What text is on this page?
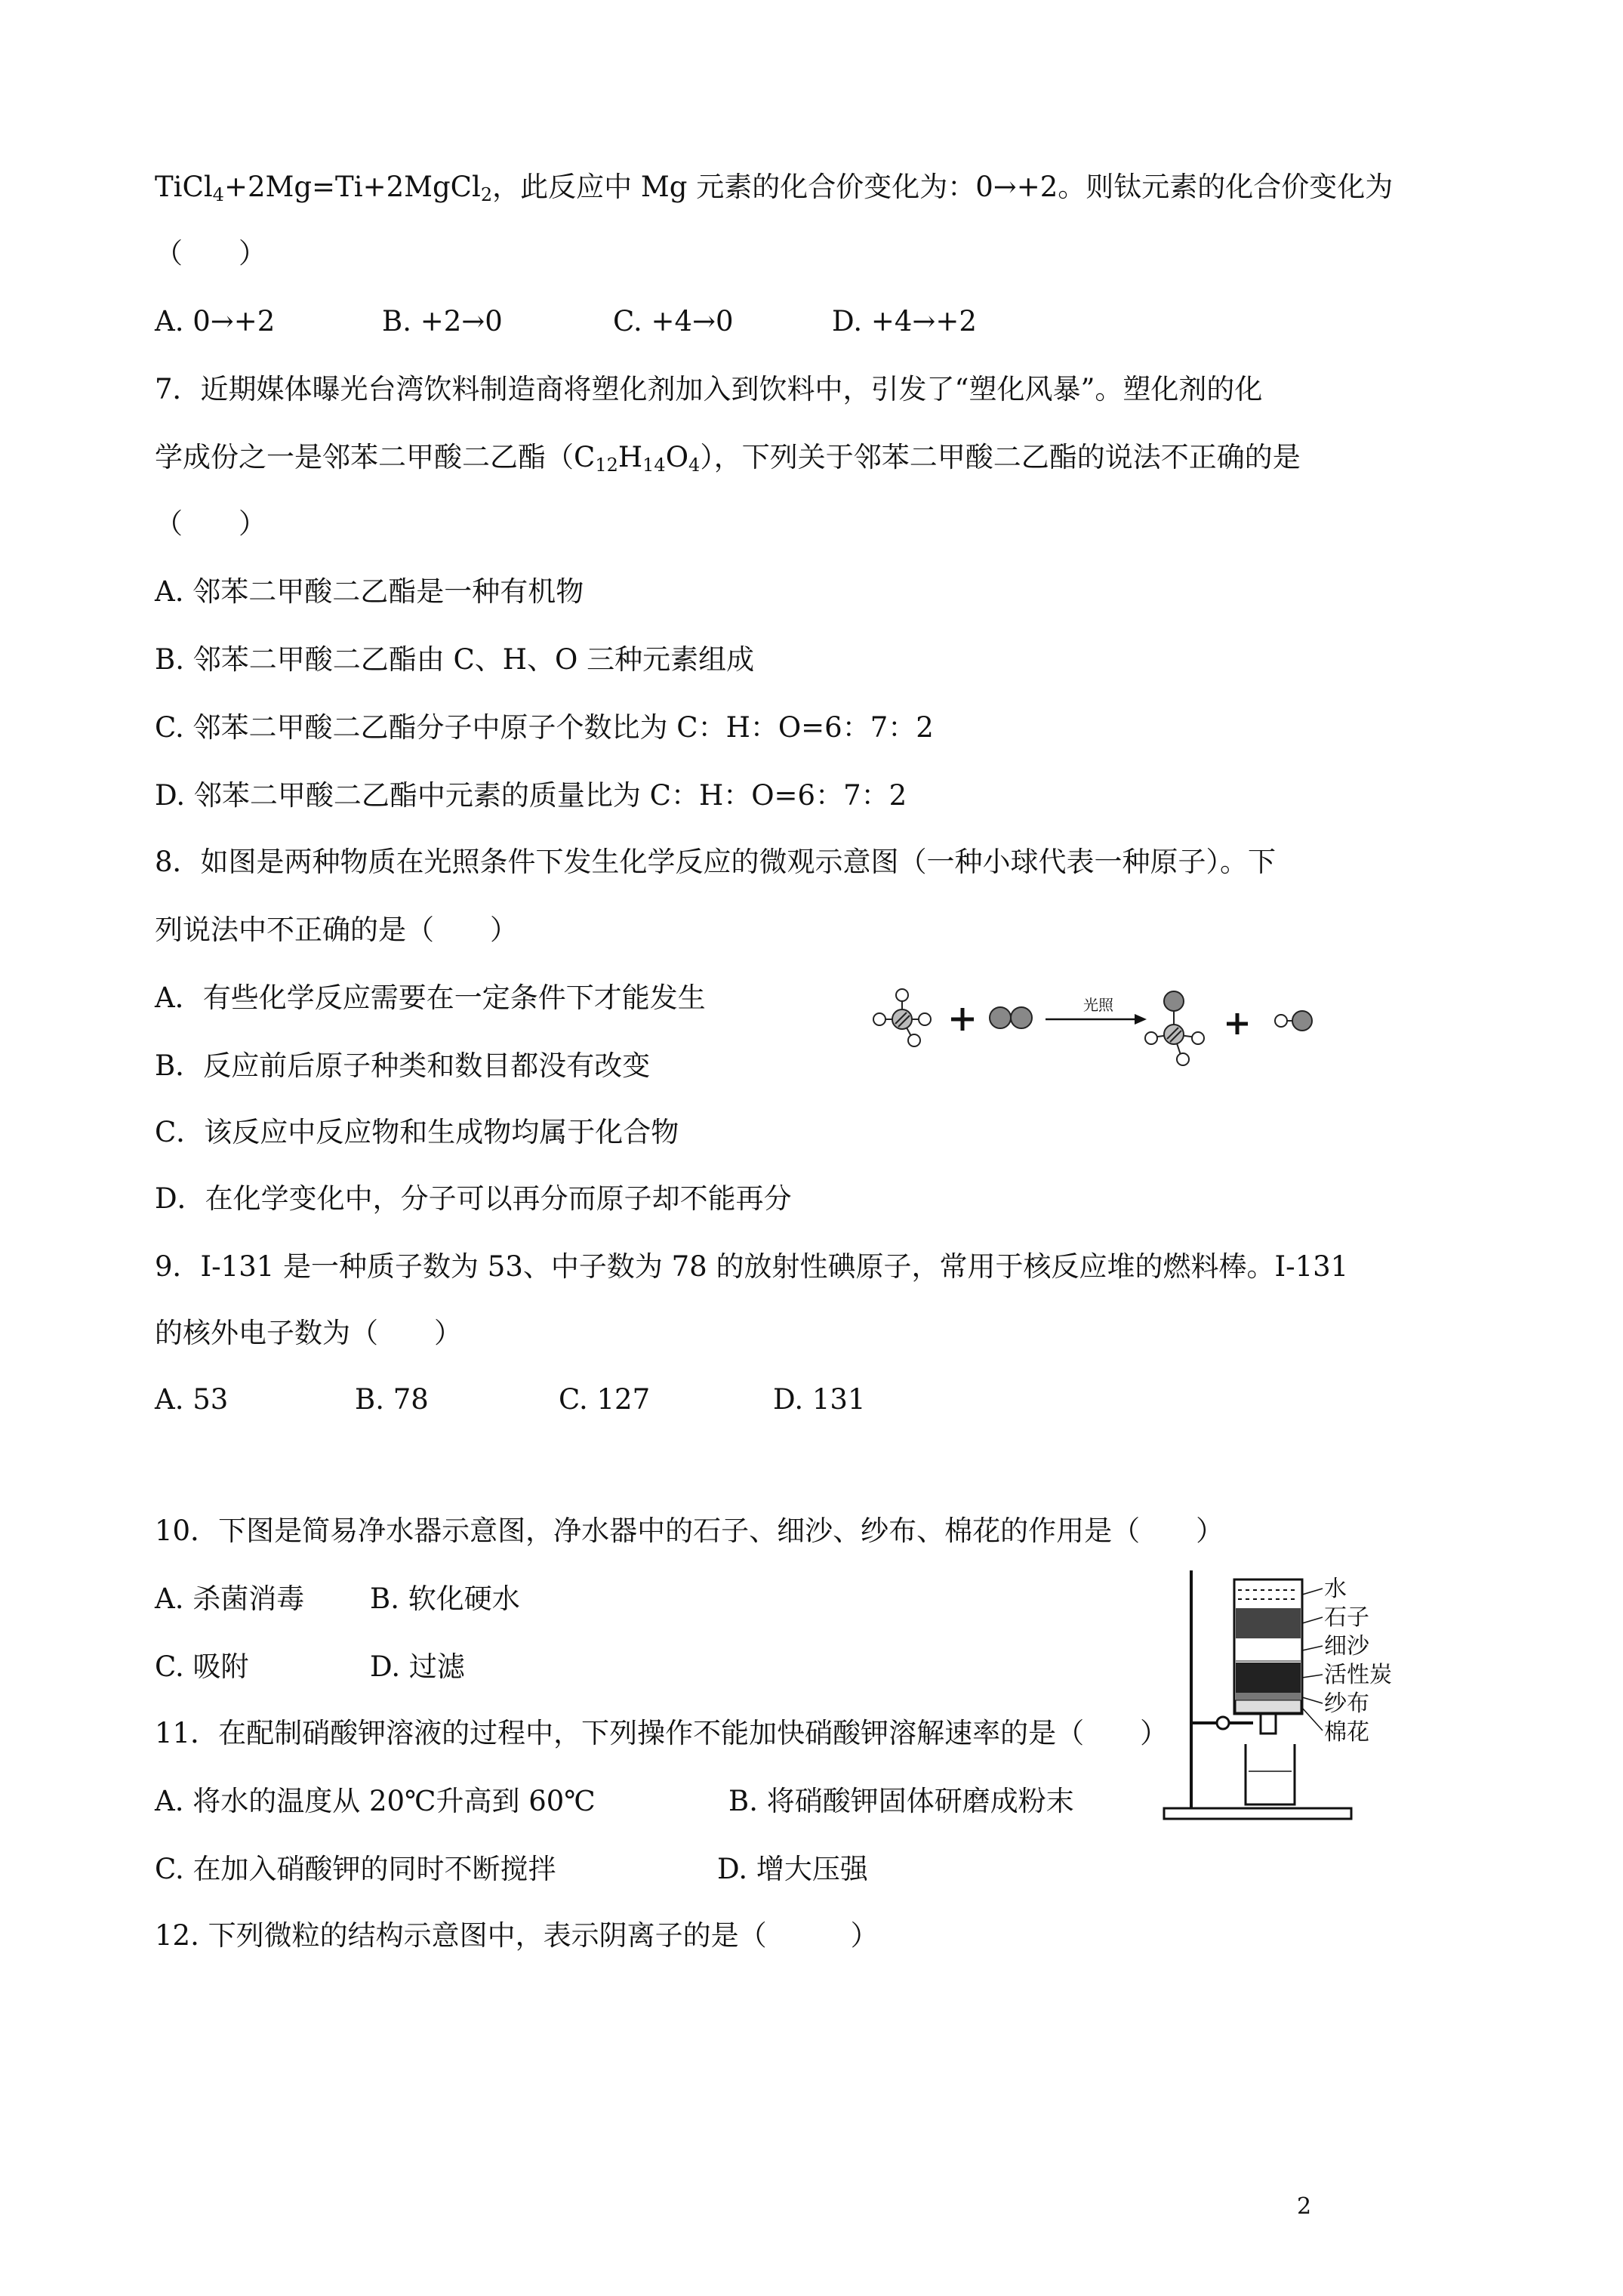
TiCl$_4$+2Mg=Ti+2MgCl$_2$，此反应中 Mg 元素的化合价变化为：0→+2。则钛元素的化合价变化为
（　　）
A. 0→+2	B. +2→0	C. +4→0	D. +4→+2
7．近期媒体曝光台湾饮料制造商将塑化剂加入到饮料中，引发了“塑化风暴”。塑化剂的化
学成份之一是邻苯二甲酸二乙酯$(C_{12}H_{14}O_4)$，下列关于邻苯二甲酸二乙酯的说法不正确的是
（　　）
A. 邻苯二甲酸二乙酯是一种有机物
B. 邻苯二甲酸二乙酯由 C、H、O 三种元素组成
C. 邻苯二甲酸二乙酯分子中原子个数比为 C：H：O=6：7：2
D. 邻苯二甲酸二乙酯中元素的质量比为 C：H：O=6：7：2
8．如图是两种物质在光照条件下发生化学反应的微观示意图（一种小球代表一种原子）。下
列说法中不正确的是（　　）
A．有些化学反应需要在一定条件下才能发生
B．反应前后原子种类和数目都没有改变
C．该反应中反应物和生成物均属于化合物
D．在化学变化中，分子可以再分而原子却不能再分
光照
9．I-131 是一种质子数为 53、中子数为 78 的放射性碘原子，常用于核反应堆的燃料棒。I-131
的核外电子数为（　　）
A. 53	B. 78	C. 127	D. 131
10．下图是简易净水器示意图，净水器中的石子、细沙、纱布、棉花的作用是（　　）
A. 杀菌消毒 B. 软化硬水
C. 吸附	D. 过滤
水
石子
细沙
活性炭
纱布
棉花
11．在配制硝酸钾溶液的过程中，下列操作不能加快硝酸钾溶解速率的是（　　）
A. 将水的温度从 20℃升高到 60℃	B. 将硝酸钾固体研磨成粉末
C. 在加入硝酸钾的同时不断搅拌	D. 增大压强
12. 下列微粒的结构示意图中，表示阴离子的是（　　　）
2
